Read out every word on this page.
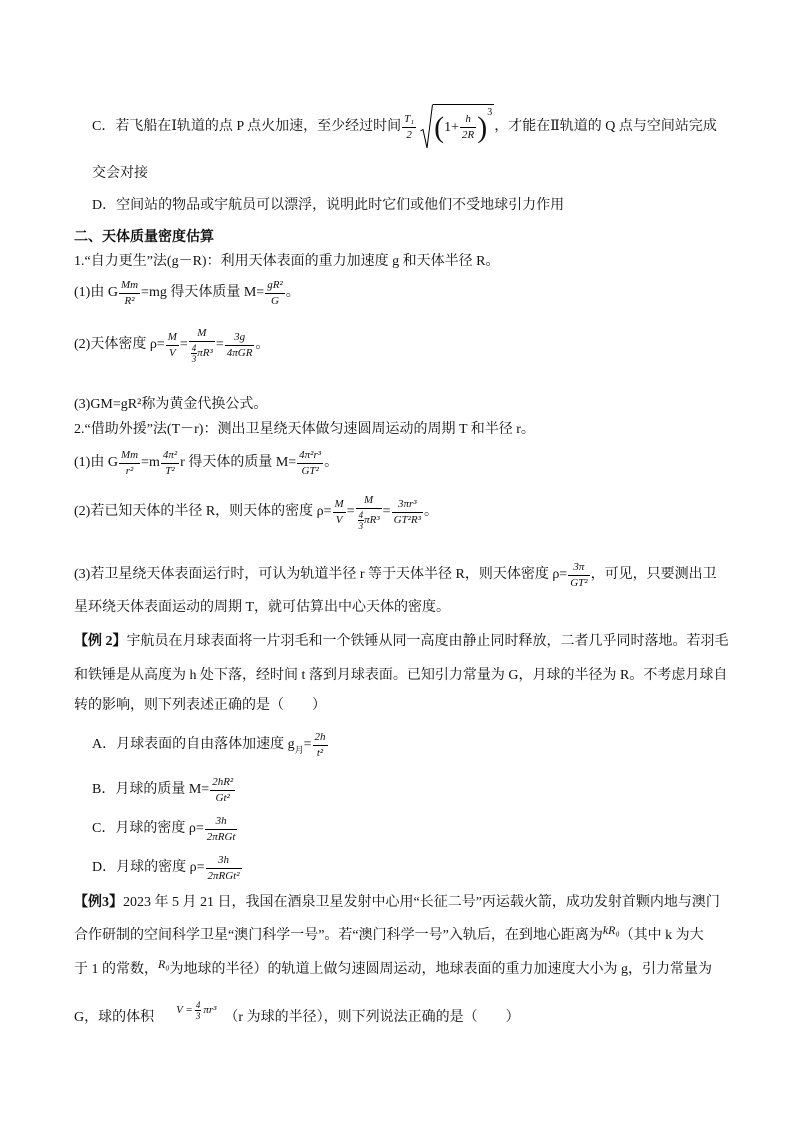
C．若飞船在Ⅰ轨道的点 P 点火加速，至少经过时间 $\frac{\text{T₁}}{2}$ ( $1+ \frac{h}{2R}$ ) 3
，才能在Ⅱ轨道的 Q 点与空间站完成
交会对接
D．空间站的物品或宇航员可以漂浮，说明此时它们或他们不受地球引力作用
二、天体质量密度估算
1.“自力更生”法(g－R)：利用天体表面的重力加速度 g 和天体半径 R。
(1)由 G $\frac{Mm}{\text{R²}} =mg$ 得天体质量 $M= \frac{\text{gR²}}{G}$ 。
(2)天体密度 $\rho= \frac{M}{V} = \frac{M}{\frac{4}{3} \pi R^3} = \frac{3g}{\text{4πGR}}$ 。
(3)GM=gR²称为黄金代换公式。
2.“借助外援”法(T－r)：测出卫星绕天体做匀速圆周运动的周期 T 和半径 r。
(1)由 G $\frac{Mm}{\text{r²}} =m \frac{\text{4π²}}{\text{T²}}$ r 得天体的质量 $M= \frac{\text{4π²r³}}{\text{GT²}}$ 。
(2)若已知天体的半径 R，则天体的密度 $\rho= \frac{M}{V} = \frac{M}{\frac{4}{3} \pi R^3} = \frac{\text{3πr³}}{\text{GT²R³}}$ 。
(3)若卫星绕天体表面运行时，可认为轨道半径 r 等于天体半径 R，则天体密度 $\rho= \frac{3\pi}{\text{GT²}}$ ，可见，只要测出卫
星环绕天体表面运动的周期 T，就可估算出中心天体的密度。
【例 2】 宇航员在月球表面将一片羽毛和一个铁锤从同一高度由静止同时释放，二者几乎同时落地。若羽毛
和铁锤是从高度为 h 处下落，经时间 t 落到月球表面。已知引力常量为 G，月球的半径为 R。不考虑月球自
转的影响，则下列表述正确的是（　　）
A．月球表面的自由落体加速度 g 月 = $\frac{2h}{\text{t²}}$
B．月球的质量 $M= \frac{\text{2hR²}}{\text{Gt²}}$
C．月球的密度 $\rho= \frac{3h}{\text{2πRGt}}$
D．月球的密度 $\rho= \frac{3h}{\text{2πRGt²}}$
【例3】 2023 年 5 月 21 日，我国在酒泉卫星发射中心用“长征二号”丙运载火箭，成功发射首颗内地与澳门
合作研制的空间科学卫星“澳门科学一号”。若“澳门科学一号”入轨后，在到地心距离为 kR₀ （其中 k 为大
于 1 的常数， R₀ 为地球的半径）的轨道上做匀速圆周运动，地球表面的重力加速度大小为 g，引力常量为
G，球的体积 $V = \frac{4}{3} \pi r^3$ （r 为球的半径），则下列说法正确的是（　　）
